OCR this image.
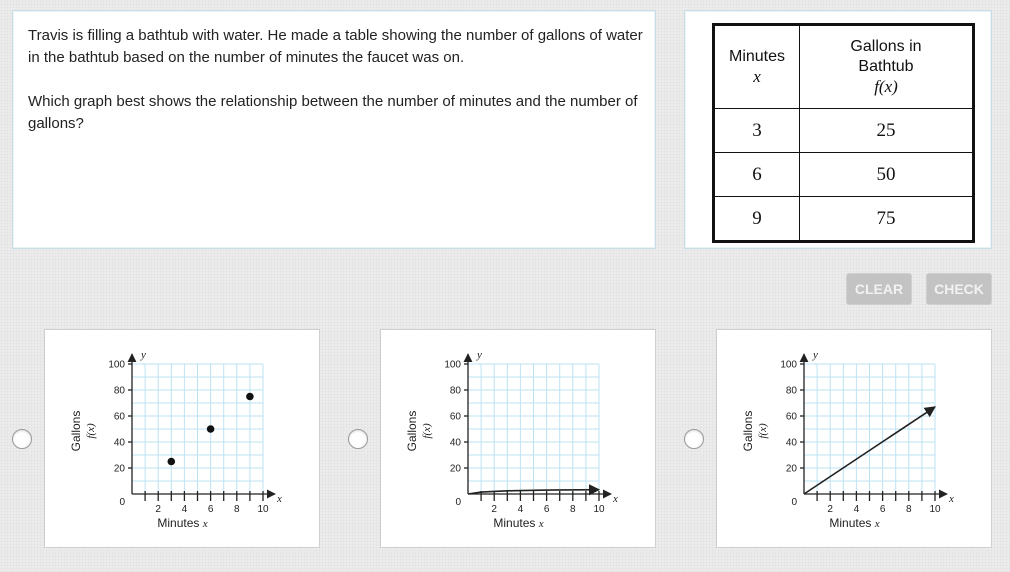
Travis is filling a bathtub with water. He made a table showing the number of gallons of water in the bathtub based on the number of minutes the faucet was on.

Which graph best shows the relationship between the number of minutes and the number of gallons?

Minutes
x	Gallons in
Bathtub
f(x)

3	25
6	50
9	75
CLEAR	CHECK
y
x
2 4 6 8 10
20
40
60
80
100
0
Minutes x
Gallons f(x)
y
x
2 4 6 8 10
20
40
60
80
100
0
Minutes x
Gallons f(x)
y
x
2 4 6 8 10
20
40
60
80
100
0
Minutes x
Gallons f(x)
